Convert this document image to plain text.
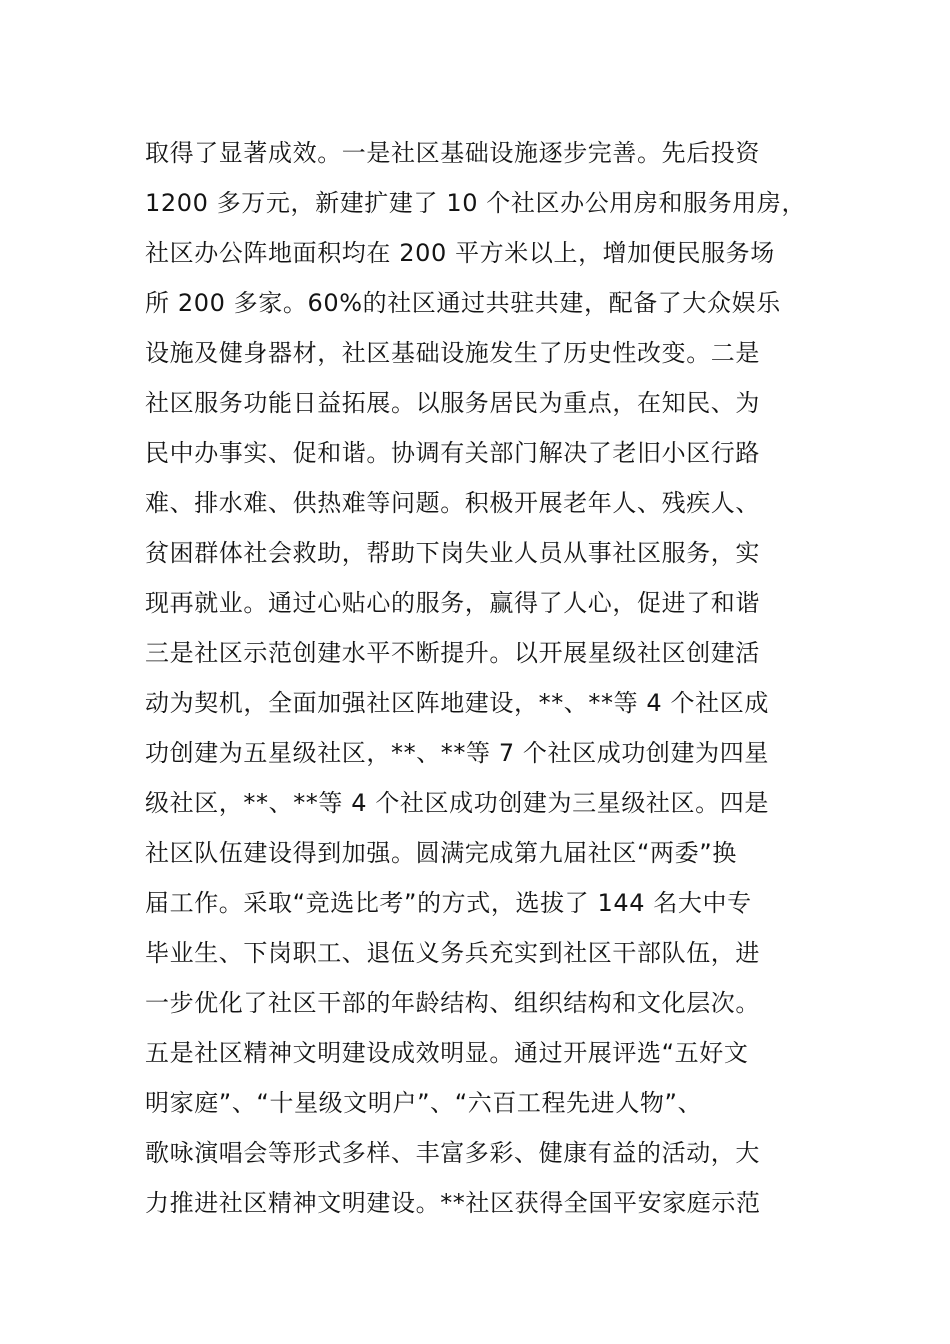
取得了显著成效。一是社区基础设施逐步完善。先后投资
1200 多万元，新建扩建了 10 个社区办公用房和服务用房，
社区办公阵地面积均在 200 平方米以上，增加便民服务场
所 200 多家。60%的社区通过共驻共建，配备了大众娱乐
设施及健身器材，社区基础设施发生了历史性改变。二是
社区服务功能日益拓展。以服务居民为重点，在知民、为
民中办事实、促和谐。协调有关部门解决了老旧小区行路
难、排水难、供热难等问题。积极开展老年人、残疾人、
贫困群体社会救助，帮助下岗失业人员从事社区服务，实
现再就业。通过心贴心的服务，赢得了人心，促进了和谐
三是社区示范创建水平不断提升。以开展星级社区创建活
动为契机，全面加强社区阵地建设，**、**等 4 个社区成
功创建为五星级社区，**、**等 7 个社区成功创建为四星
级社区，**、**等 4 个社区成功创建为三星级社区。四是
社区队伍建设得到加强。圆满完成第九届社区“两委”换
届工作。采取“竞选比考”的方式，选拔了 144 名大中专
毕业生、下岗职工、退伍义务兵充实到社区干部队伍，进
一步优化了社区干部的年龄结构、组织结构和文化层次。
五是社区精神文明建设成效明显。通过开展评选“五好文
明家庭”、“十星级文明户”、“六百工程先进人物”、
歌咏演唱会等形式多样、丰富多彩、健康有益的活动，大
力推进社区精神文明建设。**社区获得全国平安家庭示范
